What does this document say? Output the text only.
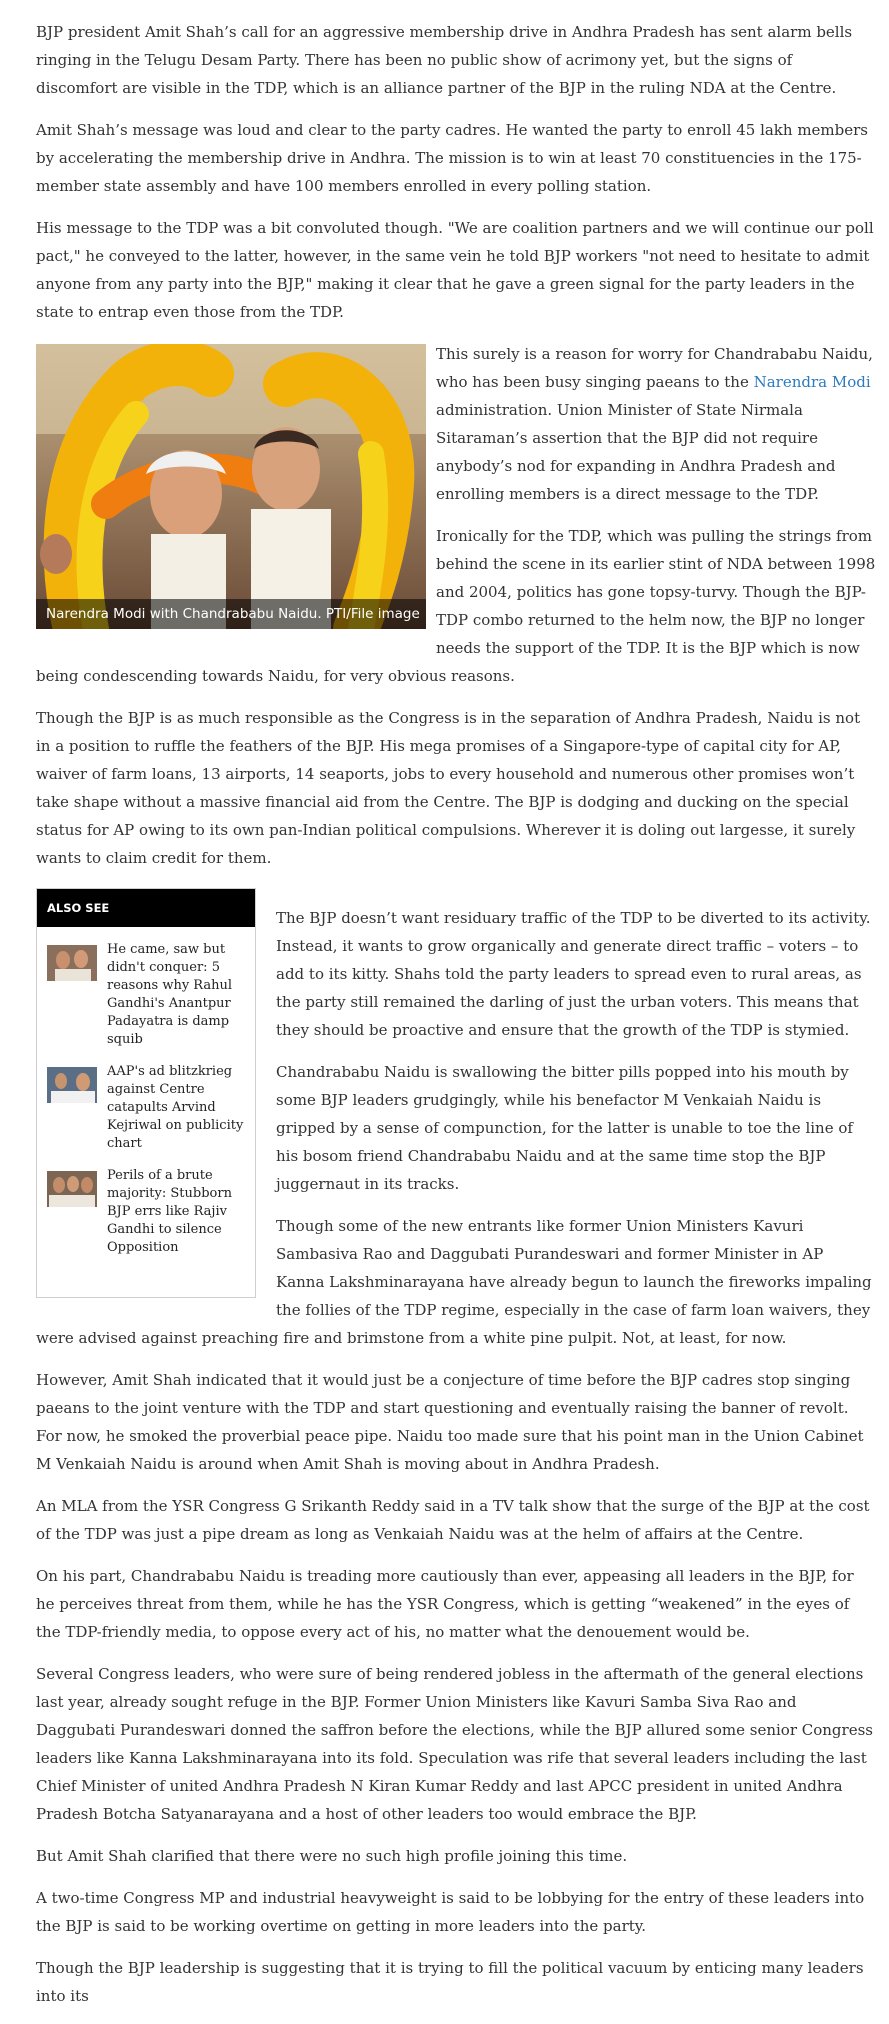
BJP president Amit Shah’s call for an aggressive membership drive in Andhra Pradesh has sent alarm bells ringing in the Telugu Desam Party. There has been no public show of acrimony yet, but the signs of discomfort are visible in the TDP, which is an alliance partner of the BJP in the ruling NDA at the Centre.

Amit Shah’s message was loud and clear to the party cadres. He wanted the party to enroll 45 lakh members by accelerating the membership drive in Andhra. The mission is to win at least 70 constituencies in the 175-member state assembly and have 100 members enrolled in every polling station.

His message to the TDP was a bit convoluted though. "We are coalition partners and we will continue our poll pact," he conveyed to the latter, however, in the same vein he told BJP workers "not need to hesitate to admit anyone from any party into the BJP," making it clear that he gave a green signal for the party leaders in the state to entrap even those from the TDP.

Narendra Modi with Chandrababu Naidu. PTI/File image

This surely is a reason for worry for Chandrababu Naidu, who has been busy singing paeans to the Narendra Modi administration. Union Minister of State Nirmala Sitaraman’s assertion that the BJP did not require anybody’s nod for expanding in Andhra Pradesh and enrolling members is a direct message to the TDP.

Ironically for the TDP, which was pulling the strings from behind the scene in its earlier stint of NDA between 1998 and 2004, politics has gone topsy-turvy. Though the BJP-TDP combo returned to the helm now, the BJP no longer needs the support of the TDP. It is the BJP which is now being condescending towards Naidu, for very obvious reasons.

Though the BJP is as much responsible as the Congress is in the separation of Andhra Pradesh, Naidu is not in a position to ruffle the feathers of the BJP. His mega promises of a Singapore-type of capital city for AP, waiver of farm loans, 13 airports, 14 seaports, jobs to every household and numerous other promises won’t take shape without a massive financial aid from the Centre. The BJP is dodging and ducking on the special status for AP owing to its own pan-Indian political compulsions. Wherever it is doling out largesse, it surely wants to claim credit for them.

ALSO SEE
He came, saw but didn't conquer: 5 reasons why Rahul Gandhi's Anantpur Padayatra is damp squib
AAP's ad blitzkrieg against Centre catapults Arvind Kejriwal on publicity chart
Perils of a brute majority: Stubborn BJP errs like Rajiv Gandhi to silence Opposition

The BJP doesn’t want residuary traffic of the TDP to be diverted to its activity. Instead, it wants to grow organically and generate direct traffic – voters – to add to its kitty. Shahs told the party leaders to spread even to rural areas, as the party still remained the darling of just the urban voters. This means that they should be proactive and ensure that the growth of the TDP is stymied.

Chandrababu Naidu is swallowing the bitter pills popped into his mouth by some BJP leaders grudgingly, while his benefactor M Venkaiah Naidu is gripped by a sense of compunction, for the latter is unable to toe the line of his bosom friend Chandrababu Naidu and at the same time stop the BJP juggernaut in its tracks.

Though some of the new entrants like former Union Ministers Kavuri Sambasiva Rao and Daggubati Purandeswari and former Minister in AP Kanna Lakshminarayana have already begun to launch the fireworks impaling the follies of the TDP regime, especially in the case of farm loan waivers, they were advised against preaching fire and brimstone from a white pine pulpit. Not, at least, for now.

However, Amit Shah indicated that it would just be a conjecture of time before the BJP cadres stop singing paeans to the joint venture with the TDP and start questioning and eventually raising the banner of revolt. For now, he smoked the proverbial peace pipe. Naidu too made sure that his point man in the Union Cabinet M Venkaiah Naidu is around when Amit Shah is moving about in Andhra Pradesh.

An MLA from the YSR Congress G Srikanth Reddy said in a TV talk show that the surge of the BJP at the cost of the TDP was just a pipe dream as long as Venkaiah Naidu was at the helm of affairs at the Centre.

On his part, Chandrababu Naidu is treading more cautiously than ever, appeasing all leaders in the BJP, for he perceives threat from them, while he has the YSR Congress, which is getting “weakened” in the eyes of the TDP-friendly media, to oppose every act of his, no matter what the denouement would be.

Several Congress leaders, who were sure of being rendered jobless in the aftermath of the general elections last year, already sought refuge in the BJP. Former Union Ministers like Kavuri Samba Siva Rao and Daggubati Purandeswari donned the saffron before the elections, while the BJP allured some senior Congress leaders like Kanna Lakshminarayana into its fold. Speculation was rife that several leaders including the last Chief Minister of united Andhra Pradesh N Kiran Kumar Reddy and last APCC president in united Andhra Pradesh Botcha Satyanarayana and a host of other leaders too would embrace the BJP.

But Amit Shah clarified that there were no such high profile joining this time.

A two-time Congress MP and industrial heavyweight is said to be lobbying for the entry of these leaders into the BJP is said to be working overtime on getting in more leaders into the party.

Though the BJP leadership is suggesting that it is trying to fill the political vacuum by enticing many leaders into its
